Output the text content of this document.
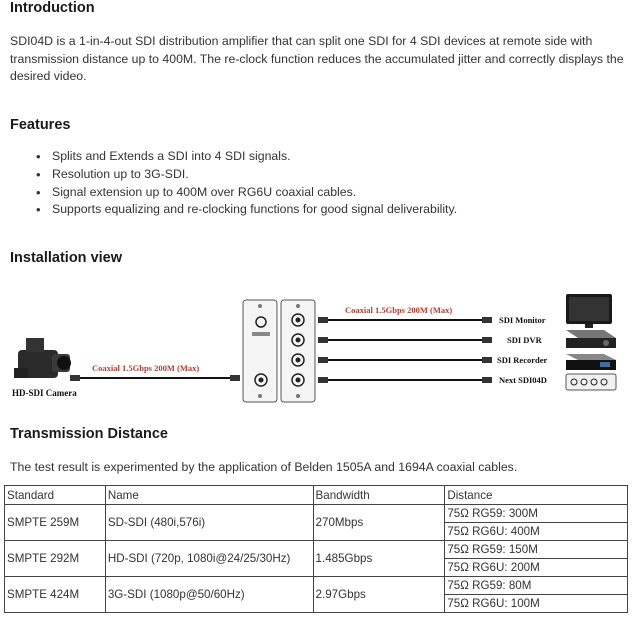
Introduction
SDI04D is a 1-in-4-out SDI distribution amplifier that can split one SDI for 4 SDI devices at remote side with transmission distance up to 400M. The re-clock function reduces the accumulated jitter and correctly displays the desired video.
Features
• Splits and Extends a SDI into 4 SDI signals.
• Resolution up to 3G-SDI.
• Signal extension up to 400M over RG6U coaxial cables.
• Supports equalizing and re-clocking functions for good signal deliverability.
Installation view
HD-SDI Camera
Coaxial 1.5Gbps 200M (Max)
Coaxial 1.5Gbps 200M (Max)
SDI Monitor
SDI DVR
SDI Recorder
Next SDI04D
Transmission Distance
The test result is experimented by the application of Belden 1505A and 1694A coaxial cables.
Standard	Name	Bandwidth	Distance
SMPTE 259M	SD-SDI (480i,576i)	270Mbps	75Ω RG59: 300M
75Ω RG6U: 400M

SMPTE 292M	HD-SDI (720p, 1080i@24/25/30Hz)	1.485Gbps	75Ω RG59: 150M
75Ω RG6U: 200M

SMPTE 424M	3G-SDI (1080p@50/60Hz)	2.97Gbps	75Ω RG59: 80M
75Ω RG6U: 100M
